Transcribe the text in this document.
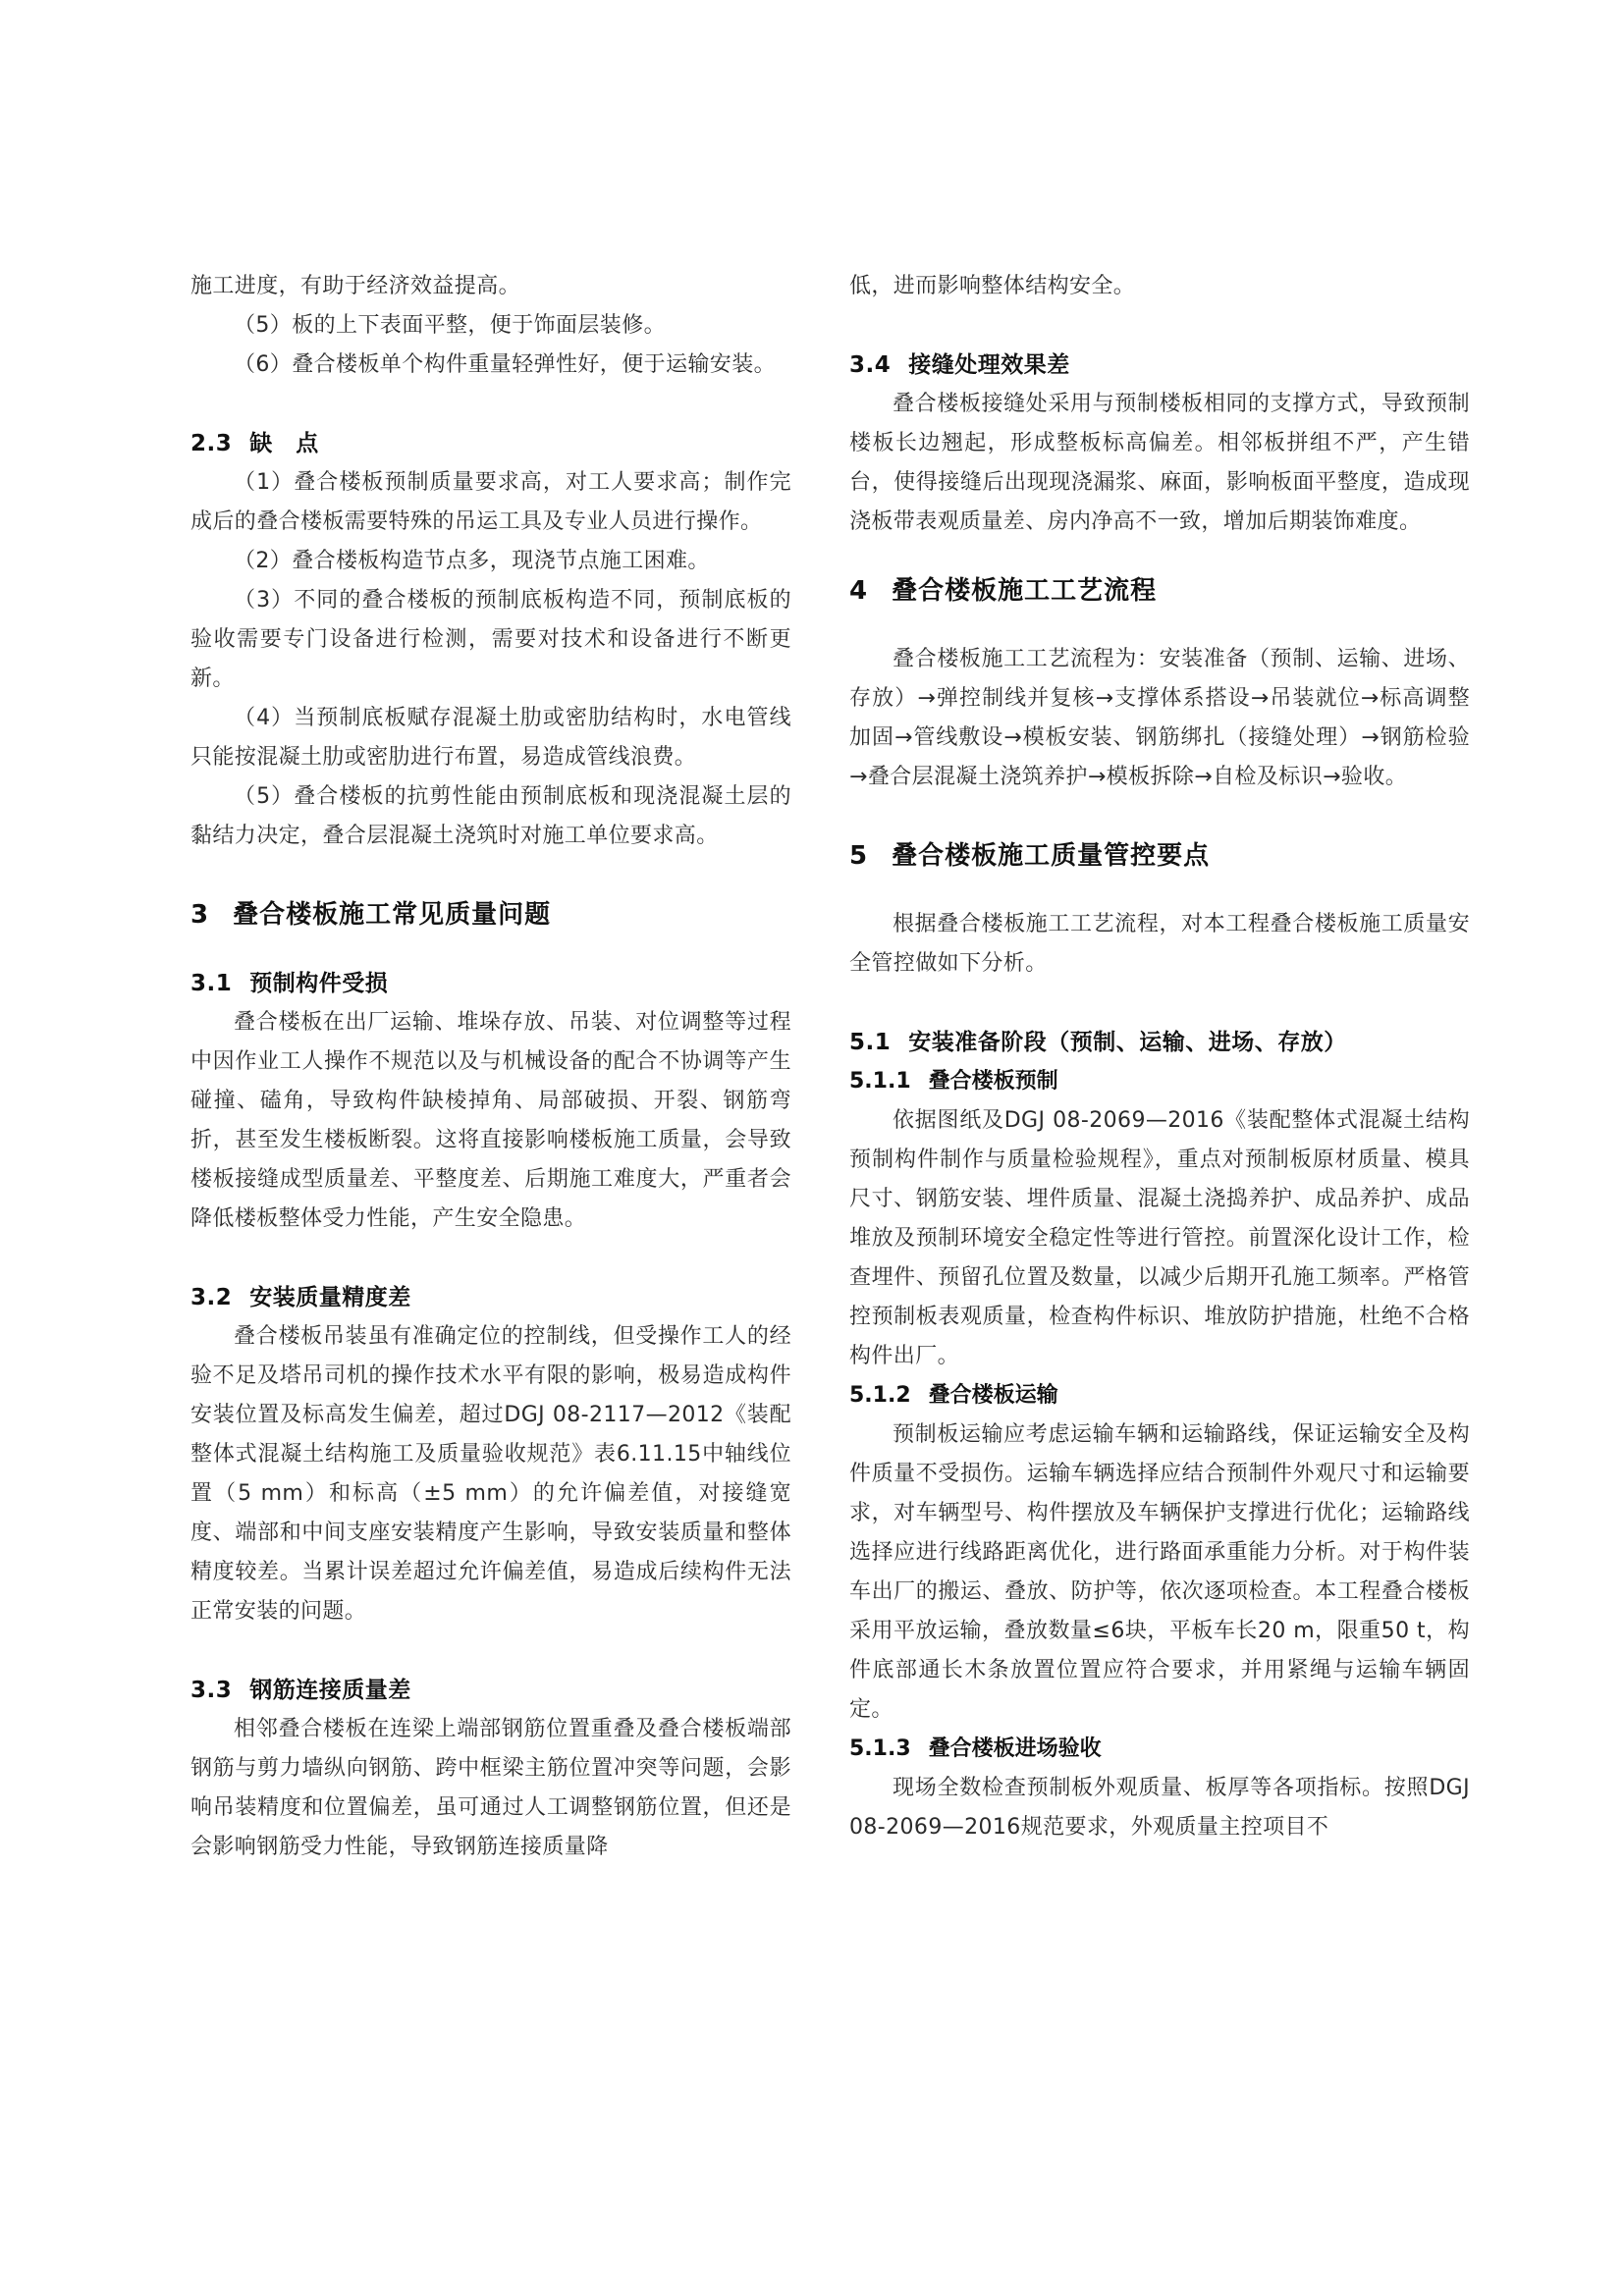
施工进度，有助于经济效益提高。

（5）板的上下表面平整，便于饰面层装修。

（6）叠合楼板单个构件重量轻弹性好，便于运输安装。

2.3 缺　点

（1）叠合楼板预制质量要求高，对工人要求高；制作完成后的叠合楼板需要特殊的吊运工具及专业人员进行操作。

（2）叠合楼板构造节点多，现浇节点施工困难。

（3）不同的叠合楼板的预制底板构造不同，预制底板的验收需要专门设备进行检测，需要对技术和设备进行不断更新。

（4）当预制底板赋存混凝土肋或密肋结构时，水电管线只能按混凝土肋或密肋进行布置，易造成管线浪费。

（5）叠合楼板的抗剪性能由预制底板和现浇混凝土层的黏结力决定，叠合层混凝土浇筑时对施工单位要求高。

3 叠合楼板施工常见质量问题
3.1 预制构件受损

叠合楼板在出厂运输、堆垛存放、吊装、对位调整等过程中因作业工人操作不规范以及与机械设备的配合不协调等产生碰撞、磕角，导致构件缺棱掉角、局部破损、开裂、钢筋弯折，甚至发生楼板断裂。这将直接影响楼板施工质量，会导致楼板接缝成型质量差、平整度差、后期施工难度大，严重者会降低楼板整体受力性能，产生安全隐患。

3.2 安装质量精度差

叠合楼板吊装虽有准确定位的控制线，但受操作工人的经验不足及塔吊司机的操作技术水平有限的影响，极易造成构件安装位置及标高发生偏差，超过DGJ 08-2117—2012《装配整体式混凝土结构施工及质量验收规范》表6.11.15中轴线位置（5 mm）和标高（±5 mm）的允许偏差值，对接缝宽度、端部和中间支座安装精度产生影响，导致安装质量和整体精度较差。当累计误差超过允许偏差值，易造成后续构件无法正常安装的问题。

3.3 钢筋连接质量差

相邻叠合楼板在连梁上端部钢筋位置重叠及叠合楼板端部钢筋与剪力墙纵向钢筋、跨中框梁主筋位置冲突等问题，会影响吊装精度和位置偏差，虽可通过人工调整钢筋位置，但还是会影响钢筋受力性能，导致钢筋连接质量降

低，进而影响整体结构安全。

3.4 接缝处理效果差

叠合楼板接缝处采用与预制楼板相同的支撑方式，导致预制楼板长边翘起，形成整板标高偏差。相邻板拼组不严，产生错台，使得接缝后出现现浇漏浆、麻面，影响板面平整度，造成现浇板带表观质量差、房内净高不一致，增加后期装饰难度。

4 叠合楼板施工工艺流程

叠合楼板施工工艺流程为：安装准备（预制、运输、进场、存放）→弹控制线并复核→支撑体系搭设→吊装就位→标高调整加固→管线敷设→模板安装、钢筋绑扎（接缝处理）→钢筋检验→叠合层混凝土浇筑养护→模板拆除→自检及标识→验收。

5 叠合楼板施工质量管控要点

根据叠合楼板施工工艺流程，对本工程叠合楼板施工质量安全管控做如下分析。

5.1 安装准备阶段（预制、运输、进场、存放）
5.1.1 叠合楼板预制

依据图纸及DGJ 08-2069—2016《装配整体式混凝土结构预制构件制作与质量检验规程》，重点对预制板原材质量、模具尺寸、钢筋安装、埋件质量、混凝土浇捣养护、成品养护、成品堆放及预制环境安全稳定性等进行管控。前置深化设计工作，检查埋件、预留孔位置及数量，以减少后期开孔施工频率。严格管控预制板表观质量，检查构件标识、堆放防护措施，杜绝不合格构件出厂。

5.1.2 叠合楼板运输

预制板运输应考虑运输车辆和运输路线，保证运输安全及构件质量不受损伤。运输车辆选择应结合预制件外观尺寸和运输要求，对车辆型号、构件摆放及车辆保护支撑进行优化；运输路线选择应进行线路距离优化，进行路面承重能力分析。对于构件装车出厂的搬运、叠放、防护等，依次逐项检查。本工程叠合楼板采用平放运输，叠放数量≤6块，平板车长20 m，限重50 t，构件底部通长木条放置位置应符合要求，并用紧绳与运输车辆固定。

5.1.3 叠合楼板进场验收

现场全数检查预制板外观质量、板厚等各项指标。按照DGJ 08-2069—2016规范要求，外观质量主控项目不
